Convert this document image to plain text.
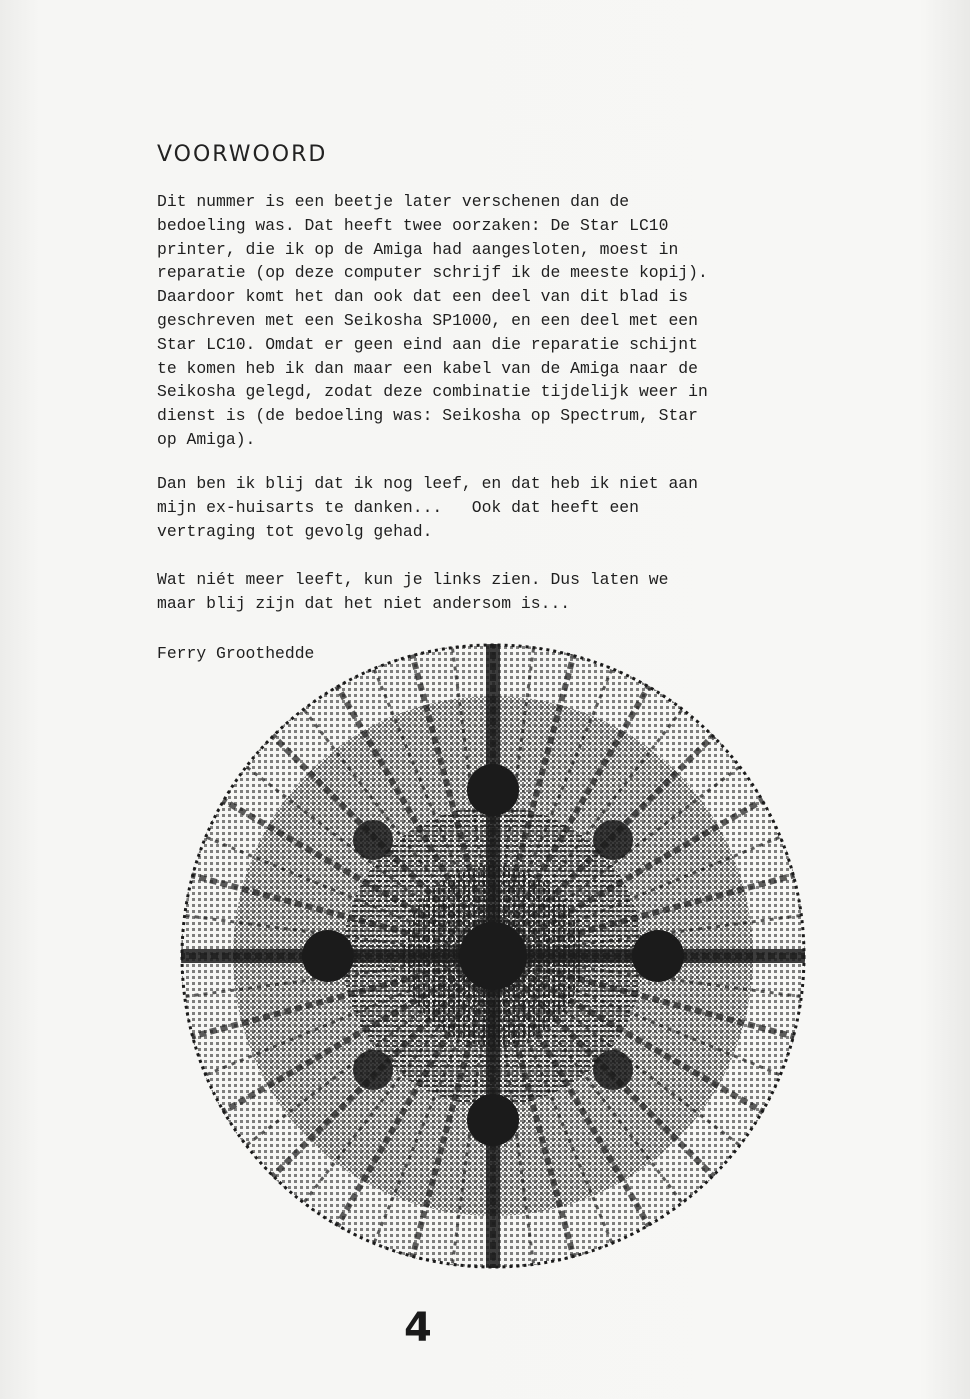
VOORWOORD
Dit nummer is een beetje later verschenen dan de
bedoeling was. Dat heeft twee oorzaken: De Star LC10
printer, die ik op de Amiga had aangesloten, moest in
reparatie (op deze computer schrijf ik de meeste kopij).
Daardoor komt het dan ook dat een deel van dit blad is
geschreven met een Seikosha SP1000, en een deel met een
Star LC10. Omdat er geen eind aan die reparatie schijnt
te komen heb ik dan maar een kabel van de Amiga naar de
Seikosha gelegd, zodat deze combinatie tijdelijk weer in
dienst is (de bedoeling was: Seikosha op Spectrum, Star
op Amiga).
Dan ben ik blij dat ik nog leef, en dat heb ik niet aan
mijn ex-huisarts te danken...   Ook dat heeft een
vertraging tot gevolg gehad.
Wat niét meer leeft, kun je links zien. Dus laten we
maar blij zijn dat het niet andersom is...
Ferry Groothedde
4
